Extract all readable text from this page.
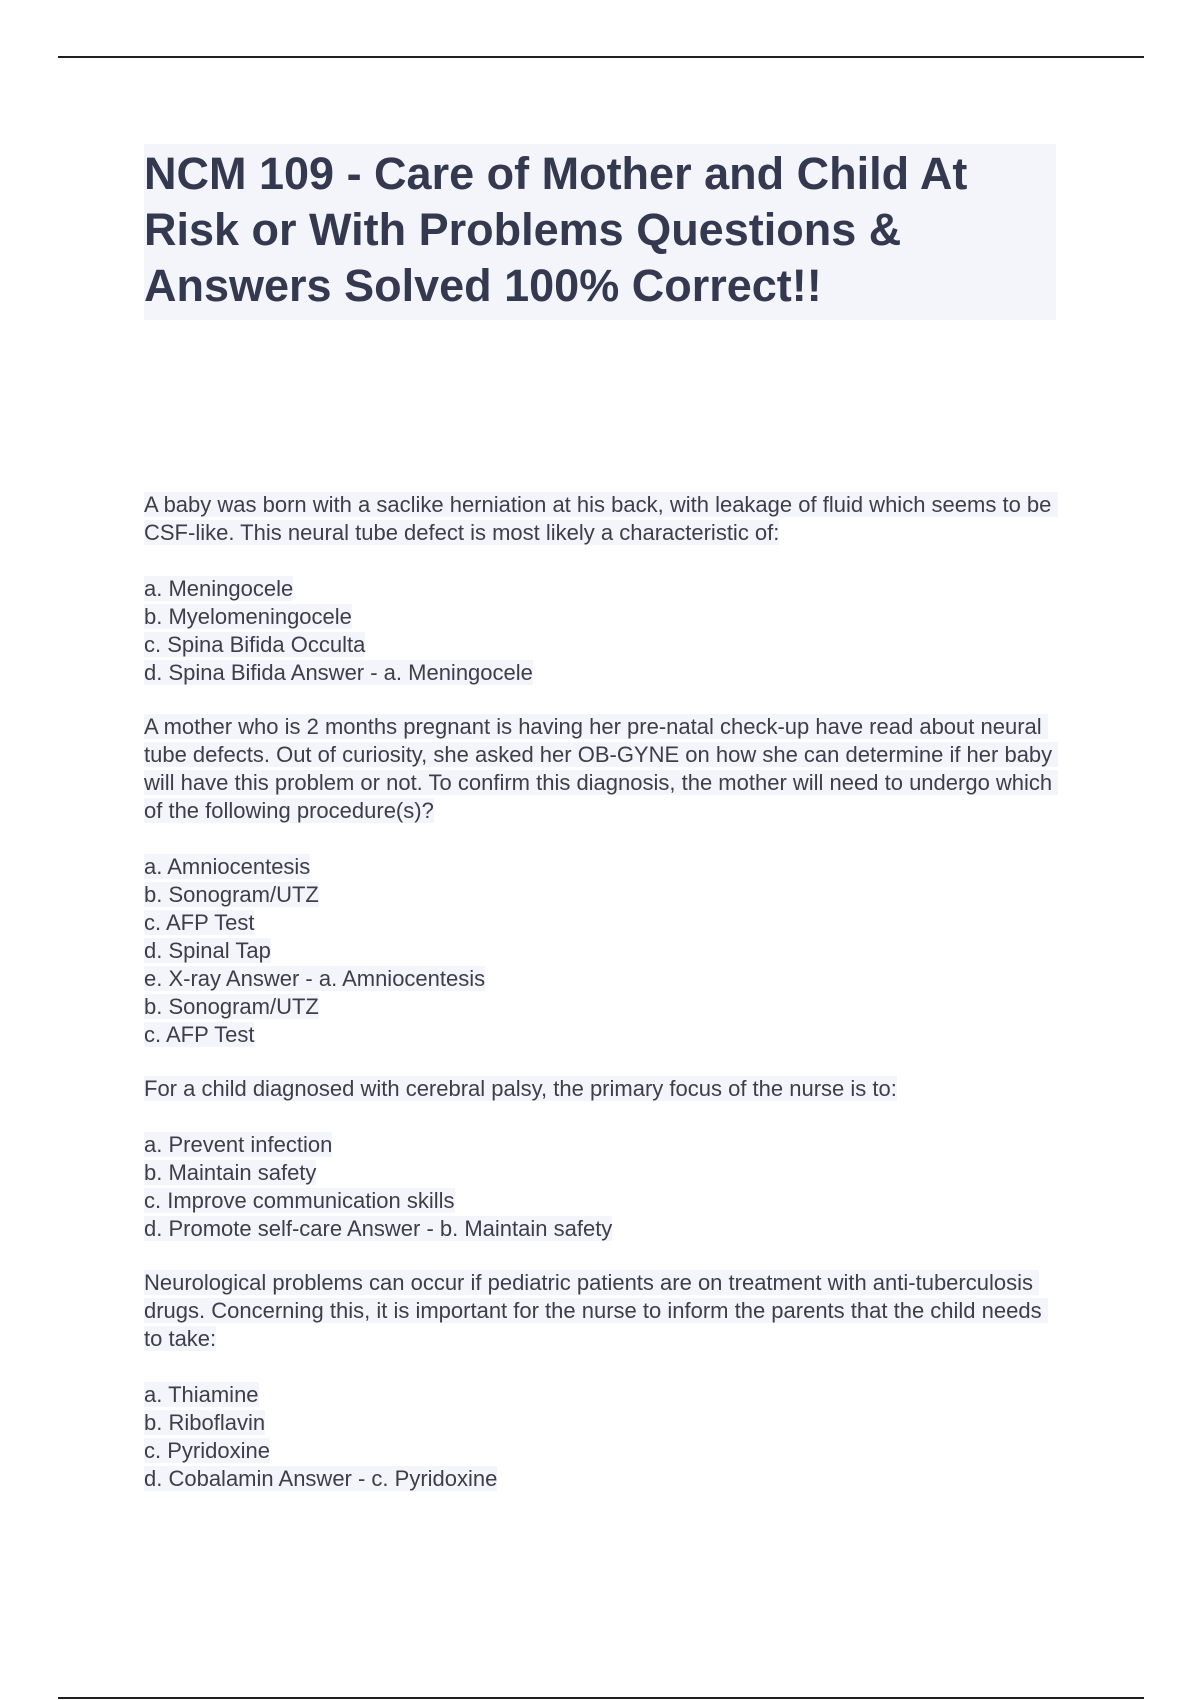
NCM 109 - Care of Mother and Child At Risk or With Problems Questions & Answers Solved 100% Correct!!

A baby was born with a saclike herniation at his back, with leakage of fluid which seems to be CSF-like. This neural tube defect is most likely a characteristic of:

a. Meningocele
b. Myelomeningocele
c. Spina Bifida Occulta
d. Spina Bifida Answer - a. Meningocele

A mother who is 2 months pregnant is having her pre-natal check-up have read about neural tube defects. Out of curiosity, she asked her OB-GYNE on how she can determine if her baby will have this problem or not. To confirm this diagnosis, the mother will need to undergo which of the following procedure(s)?

a. Amniocentesis
b. Sonogram/UTZ
c. AFP Test
d. Spinal Tap
e. X-ray Answer - a. Amniocentesis
b. Sonogram/UTZ
c. AFP Test

For a child diagnosed with cerebral palsy, the primary focus of the nurse is to:

a. Prevent infection
b. Maintain safety
c. Improve communication skills
d. Promote self-care Answer - b. Maintain safety

Neurological problems can occur if pediatric patients are on treatment with anti-tuberculosis drugs. Concerning this, it is important for the nurse to inform the parents that the child needs to take:

a. Thiamine
b. Riboflavin
c. Pyridoxine
d. Cobalamin Answer - c. Pyridoxine
